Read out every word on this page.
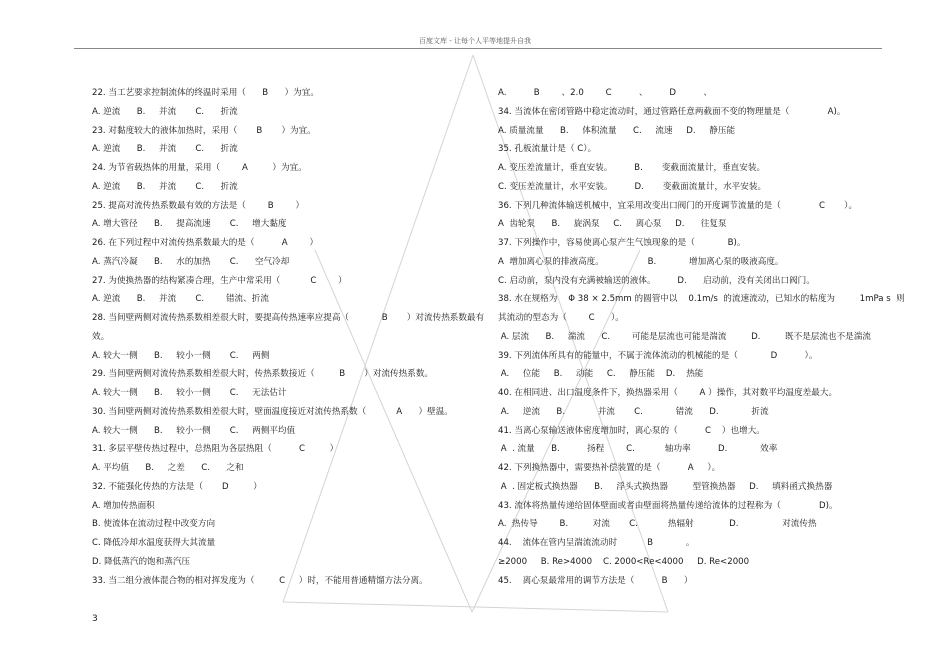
百度文库 - 让每个人平等地提升自我
22. 当工艺要求控制流体的终温时采用（      B      ）为宜。
A. 逆流      B.     并流       C.      折流
23. 对黏度较大的液体加热时，采用（       B       ）为宜。
A. 逆流      B.     并流       C.      折流
24. 为节省载热体的用量，采用（        A         ）为宜。
A. 逆流      B.     并流       C.      折流
25. 提高对流传热系数最有效的方法是（        B        ）
A. 增大管径      B.     提高流速       C.     增大黏度
26. 在下列过程中对流传热系数最大的是（          A        ）
A. 蒸汽冷凝      B.     水的加热       C.      空气冷却
27. 为使换热器的结构紧凑合理，生产中常采用（           C        ）
A. 逆流      B.     并流       C.        错流、折流
28. 当间壁两侧对流传热系数相差很大时，要提高传热速率应提高（            B       ）对流传热系数最有
效。
A. 较大一侧      B.     较小一侧       C.     两侧
29. 当间壁两侧对流传热系数相差很大时，传热系数接近（         B       ）对流传热系数。
A. 较大一侧      B.     较小一侧       C.     无法估计
30. 当间壁两侧对流传热系数相差很大时，壁面温度接近对流传热系数（           A      ）壁温。
A. 较大一侧      B.     较小一侧       C.     两侧平均值
31. 多层平壁传热过程中，总热阻为各层热阻（          C         ）
A. 平均值      B.     之差      C.      之和
32. 不能强化传热的方法是（       D         ）
A. 增加传热面积
B. 使流体在流动过程中改变方向
C. 降低冷却水温度获得大其流量
D. 降低蒸汽的饱和蒸汽压
33. 当二组分液体混合物的相对挥发度为（         C     ）时，不能用普通精馏方法分离。
A.          B        、2.0        C          、        D          、
34. 当流体在密闭管路中稳定流动时，通过管路任意两截面不变的物理量是（              A)。
A. 质量流量      B.     体积流量      C.     流速     D.     静压能
35. 孔板流量计是（ C）。
A. 变压差流量计，垂直安装。        B.       变截面流量计，垂直安装。
C. 变压差流量计，水平安装。        D.       变截面流量计，水平安装。
36. 下列几种流体输送机械中，宜采用改变出口阀门的开度调节流量的是（              C       ）。
A  齿轮泵      B.     旋涡泵     C.     离心泵     D.      往复泵
37. 下列操作中，容易使离心泵产生气蚀现象的是（            B)。
A  增加离心泵的排液高度。                B.            增加离心泵的吸液高度。
C. 启动前，泵内没有充满被输送的液体。        D.      启动前，没有关闭出口阀门。
38. 水在规格为    Φ 38 × 2.5mm 的圆管中以    0.1m/s  的流速流动，已知水的粘度为         1mPa s  则
其流动的型态为（        C      ）。
A. 层流      B.     湍流      C.        可能是层流也可能是湍流         D.         既不是层流也不是湍流
39. 下列流体所具有的能量中，不属于流体流动的机械能的是（            D          ）。
A.     位能     B.     动能     C.     静压能    D.    热能
40. 在相同进、出口温度条件下，换热器采用（        A ）操作，其对数平均温度差最大。
A.     逆流      B.            并流       C.            错流      D.            折流
41. 当离心泵输送液体密度增加时，离心泵的（          C    ）也增大。
A  . 流量      B.          扬程        C.           轴功率          D.            效率
42. 下列换热器中，需要热补偿装置的是（          A     ）。
A  . 固定板式换热器      B.     浮头式换热器         型管换热器     D.     填料函式换热器
43. 流体将热量传递给固体壁面或者由壁面将热量传递给流体的过程称为（              D)。
A.  热传导        B.         对流       C.           热辐射             D.                对流传热
44.    流体在管内呈湍流流动时           B            。
≥2000     B. Re>4000    C. 2000<Re<4000     D. Re<2000
45.    离心泵最常用的调节方法是（          B      ）
3
